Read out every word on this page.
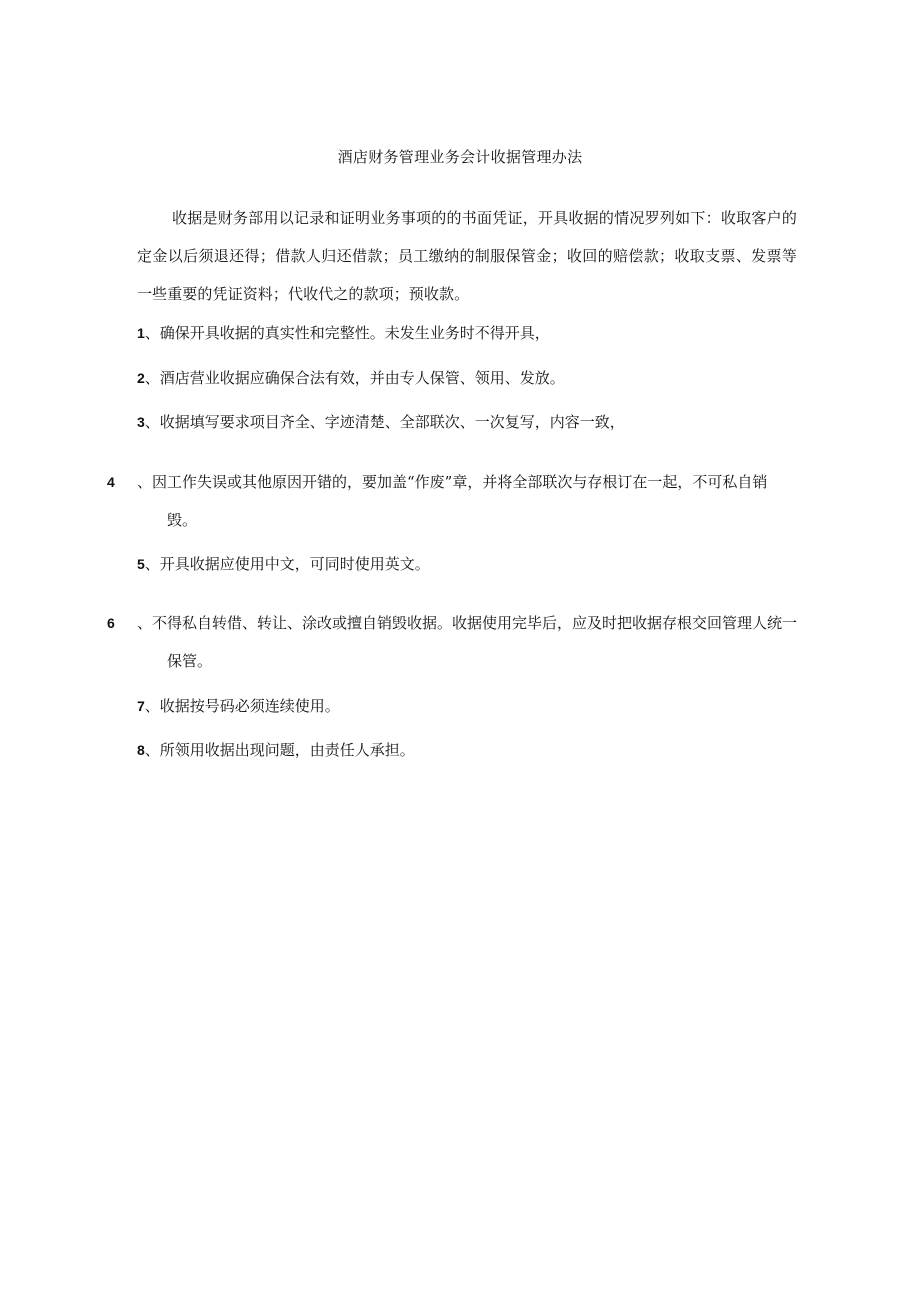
酒店财务管理业务会计收据管理办法
收据是财务部用以记录和证明业务事项的的书面凭证，开具收据的情况罗列如下：收取客户的定金以后须退还得；借款人归还借款；员工缴纳的制服保管金；收回的赔偿款；收取支票、发票等一些重要的凭证资料；代收代之的款项；预收款。
1、确保开具收据的真实性和完整性。未发生业务时不得开具，
2、酒店营业收据应确保合法有效，并由专人保管、领用、发放。
3、收据填写要求项目齐全、字迹清楚、全部联次、一次复写，内容一致，
4 、因工作失误或其他原因开错的，要加盖“作废”章，并将全部联次与存根订在一起，不可私自销毁。
5、开具收据应使用中文，可同时使用英文。
6 、不得私自转借、转让、涂改或擅自销毁收据。收据使用完毕后，应及时把收据存根交回管理人统一保管。
7、收据按号码必须连续使用。
8、所领用收据出现问题，由责任人承担。
